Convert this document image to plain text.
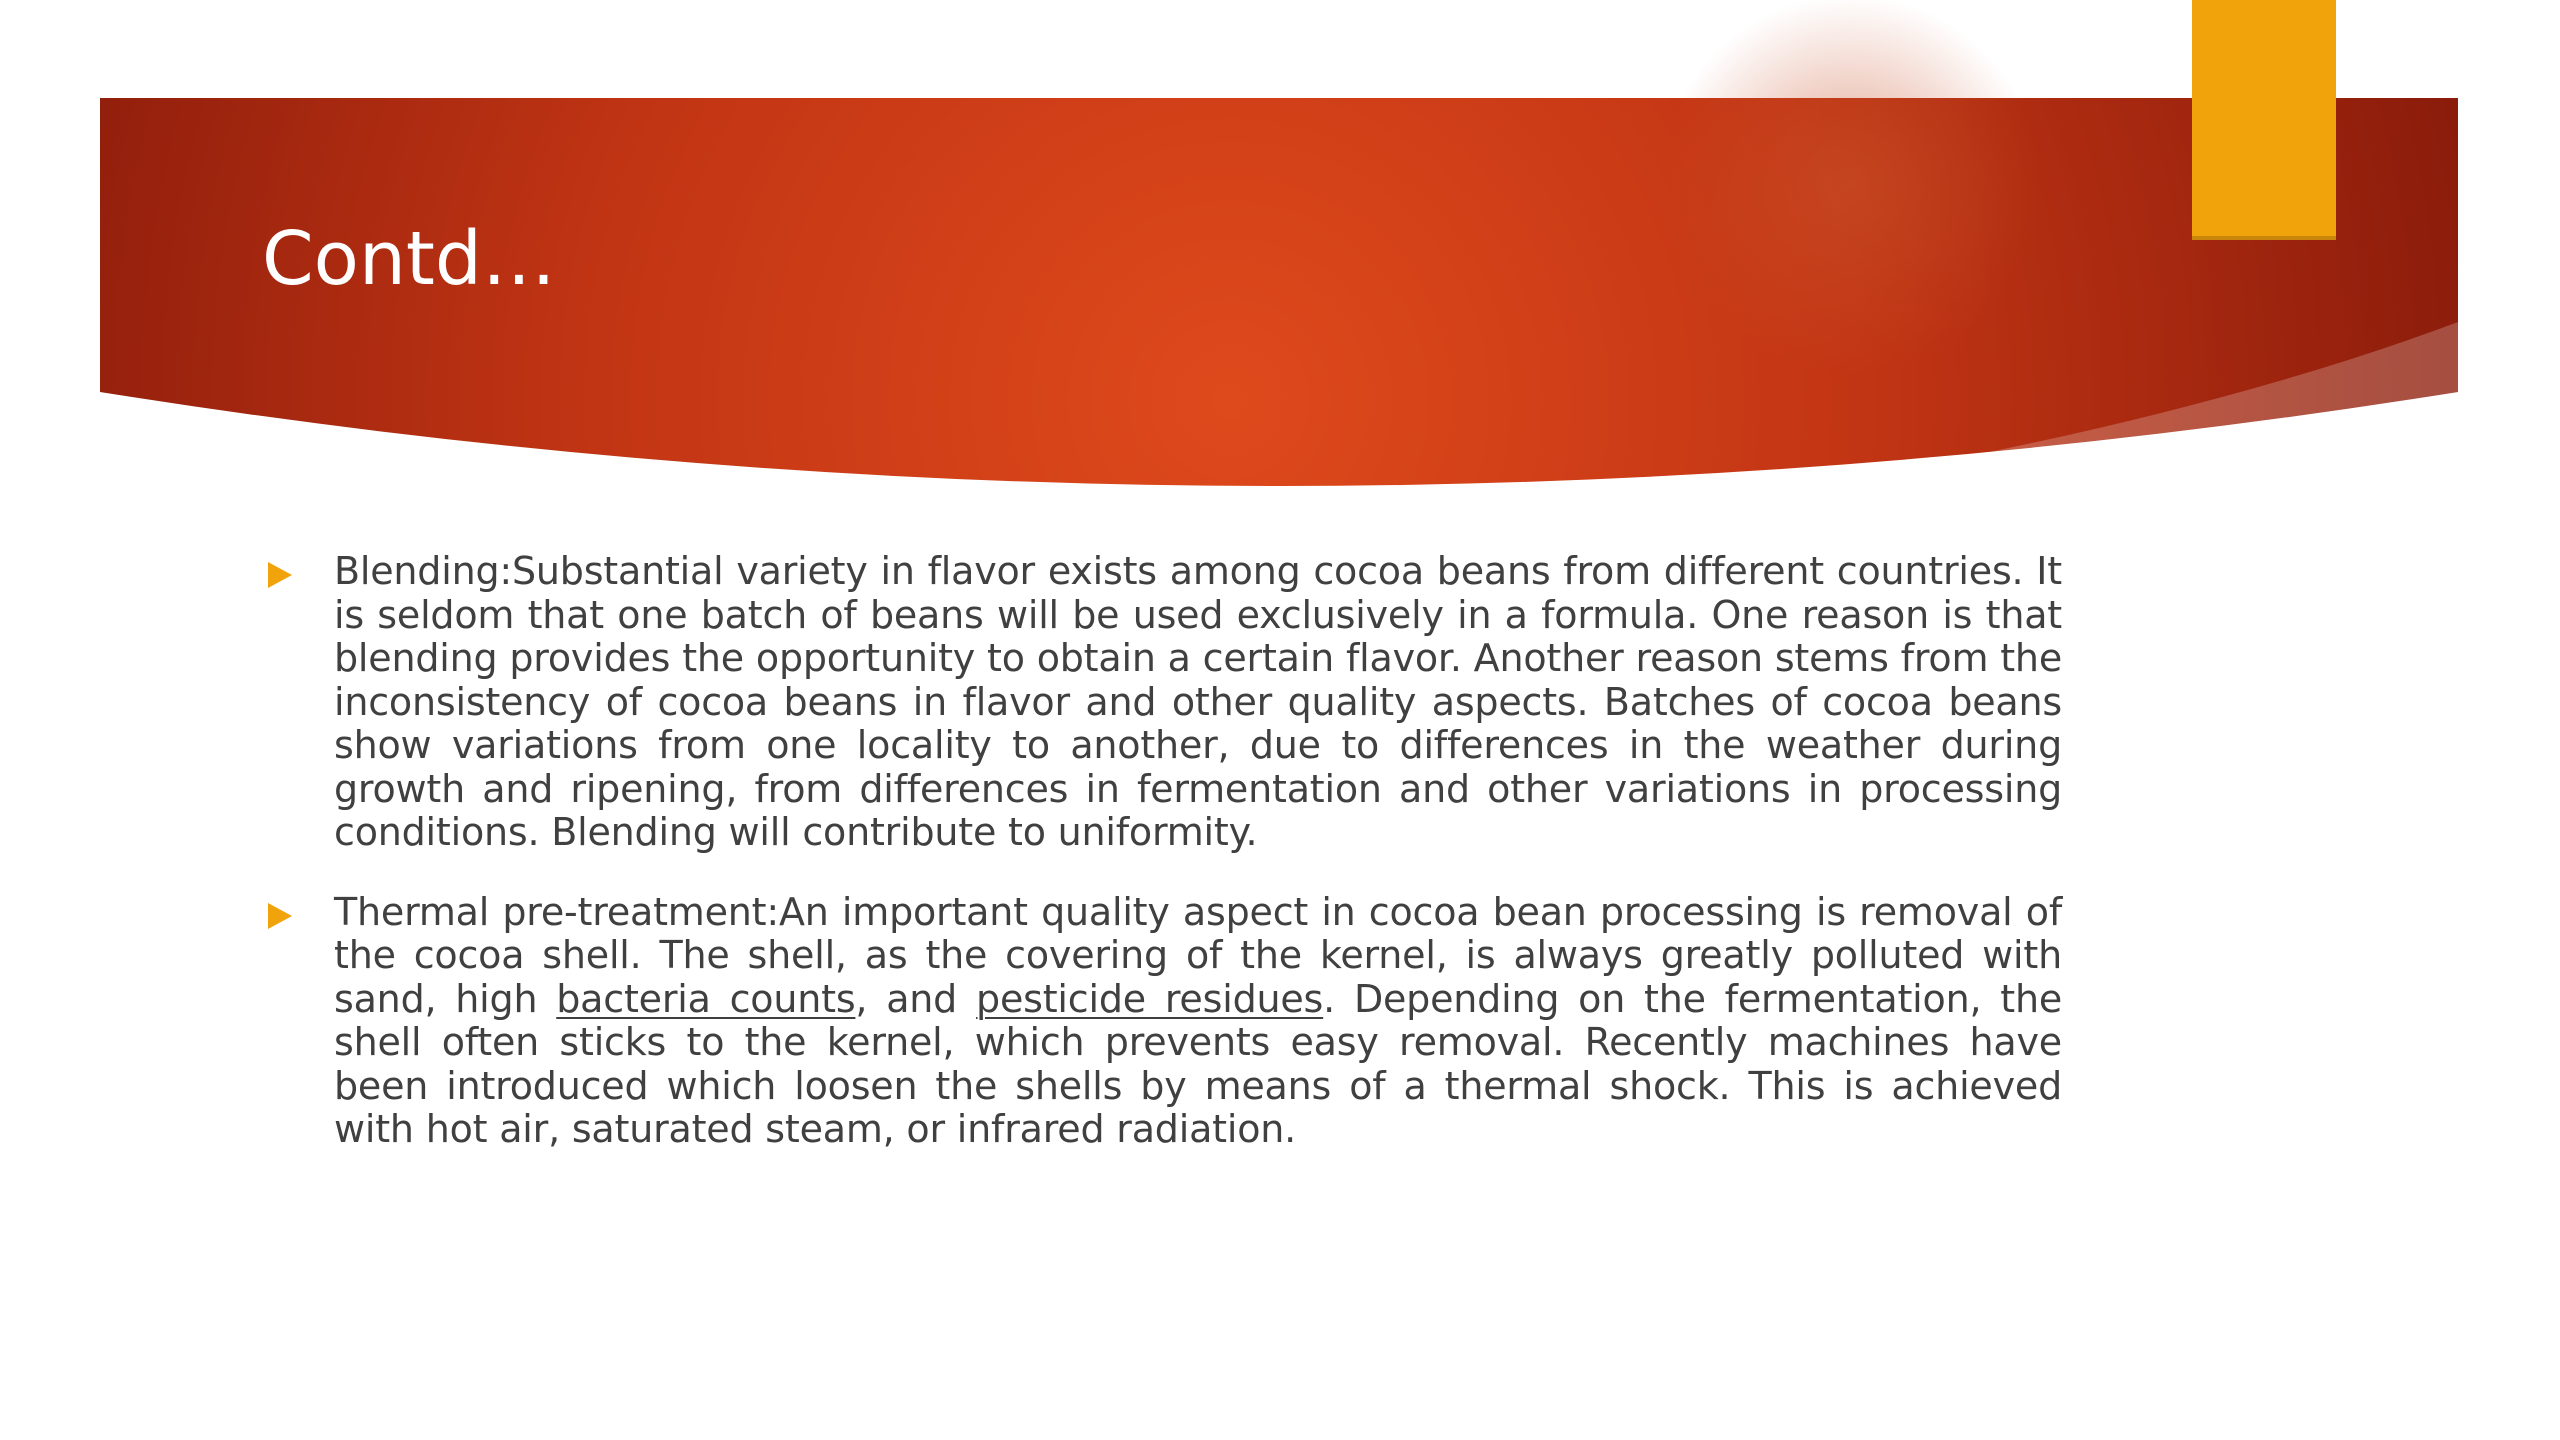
Contd…

Blending:Substantial variety in flavor exists among cocoa beans from different countries. It is seldom that one batch of beans will be used exclusively in a formula. One reason is that blending provides the opportunity to obtain a certain flavor. Another reason stems from the inconsistency of cocoa beans in flavor and other quality aspects. Batches of cocoa beans show variations from one locality to another, due to differences in the weather during growth and ripening, from differences in fermentation and other variations in processing conditions. Blending will contribute to uniformity.

Thermal pre-treatment:An important quality aspect in cocoa bean processing is removal of the cocoa shell. The shell, as the covering of the kernel, is always greatly polluted with sand, high bacteria counts, and pesticide residues. Depending on the fermentation, the shell often sticks to the kernel, which prevents easy removal. Recently machines have been introduced which loosen the shells by means of a thermal shock. This is achieved with hot air, saturated steam, or infrared radiation.
